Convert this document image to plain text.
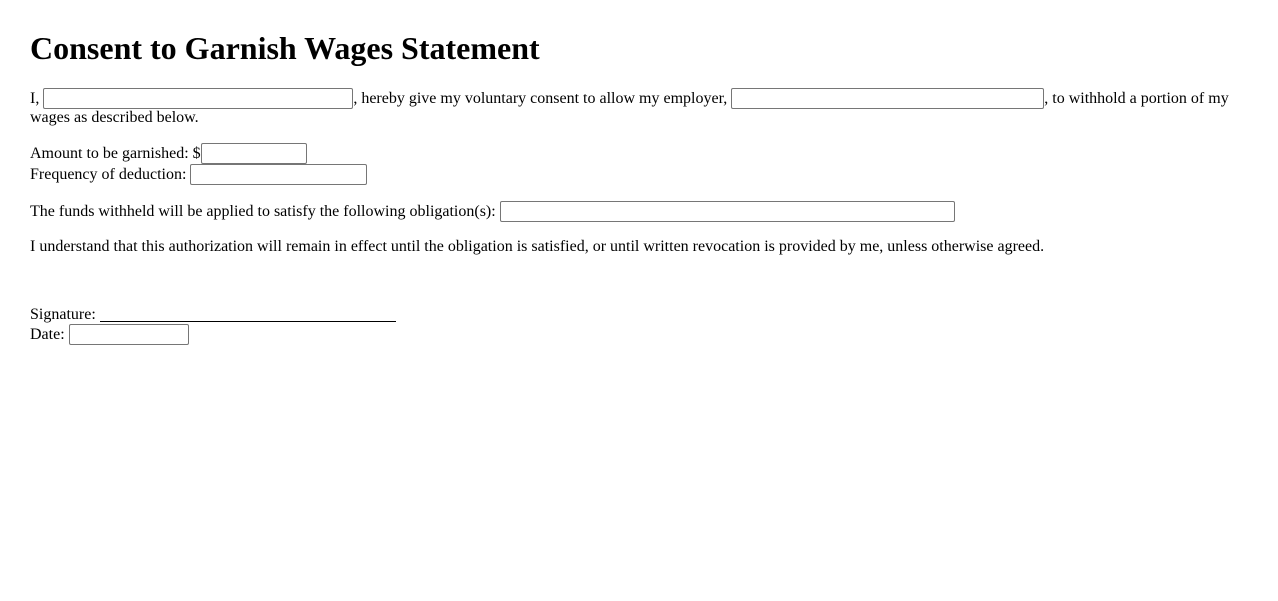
Consent to Garnish Wages Statement

I,	, hereby give my voluntary consent to allow my employer,	, to withhold a portion of my wages as described below.

Amount to be garnished: $
Frequency of deduction:

The funds withheld will be applied to satisfy the following obligation(s):

I understand that this authorization will remain in effect until the obligation is satisfied, or until written revocation is provided by me, unless otherwise agreed.

Signature:
Date:
